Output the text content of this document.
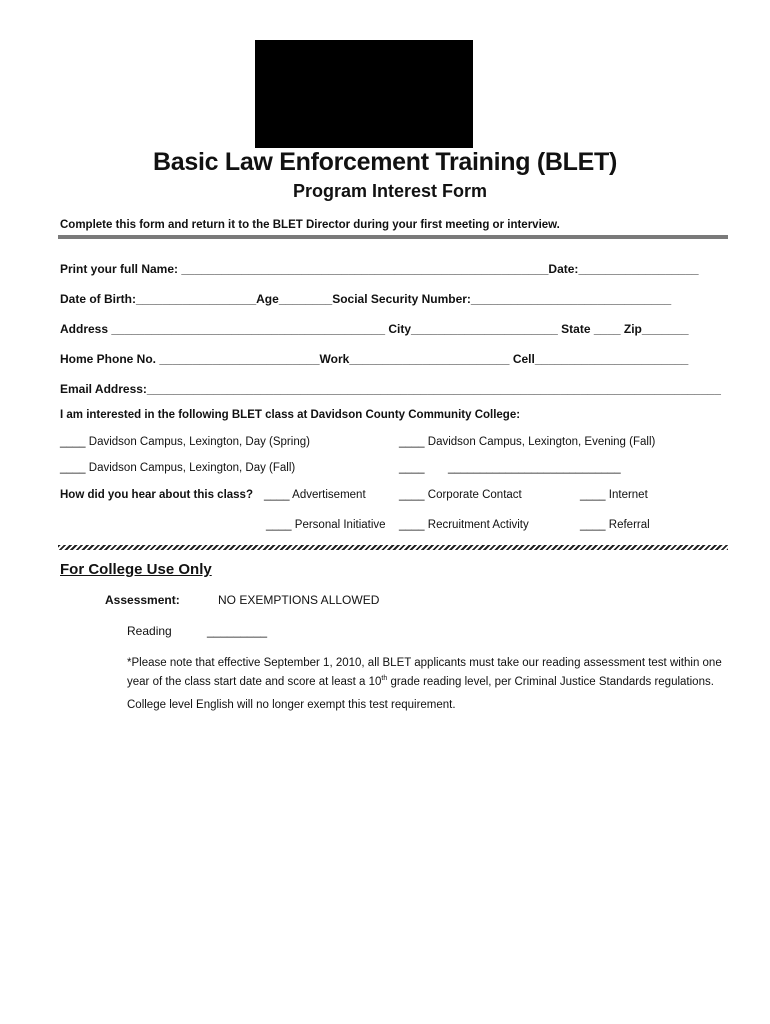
Basic Law Enforcement Training (BLET)
Program Interest Form
Complete this form and return it to the BLET Director during your first meeting or interview.
Print your full Name: _______________________________________________________Date:__________________
Date of Birth:__________________Age________Social Security Number:______________________________
Address _________________________________________ City______________________ State ____ Zip_______
Home Phone No. ________________________Work________________________ Cell_______________________
Email Address:______________________________________________________________________________________
I am interested in the following BLET class at Davidson County Community College:
____ Davidson Campus, Lexington, Day (Spring)	____ Davidson Campus, Lexington, Evening (Fall)
____ Davidson Campus, Lexington, Day (Fall)	____ ___________________________
How did you hear about this class? ____ Advertisement	____ Corporate Contact	____ Internet
____ Personal Initiative ____ Recruitment Activity	____ Referral
For College Use Only
Assessment:	NO EXEMPTIONS ALLOWED
Reading	_________
*Please note that effective September 1, 2010, all BLET applicants must take our reading assessment test within one year of the class start date and score at least a 10th grade reading level, per Criminal Justice Standards regulations.
College level English will no longer exempt this test requirement.
